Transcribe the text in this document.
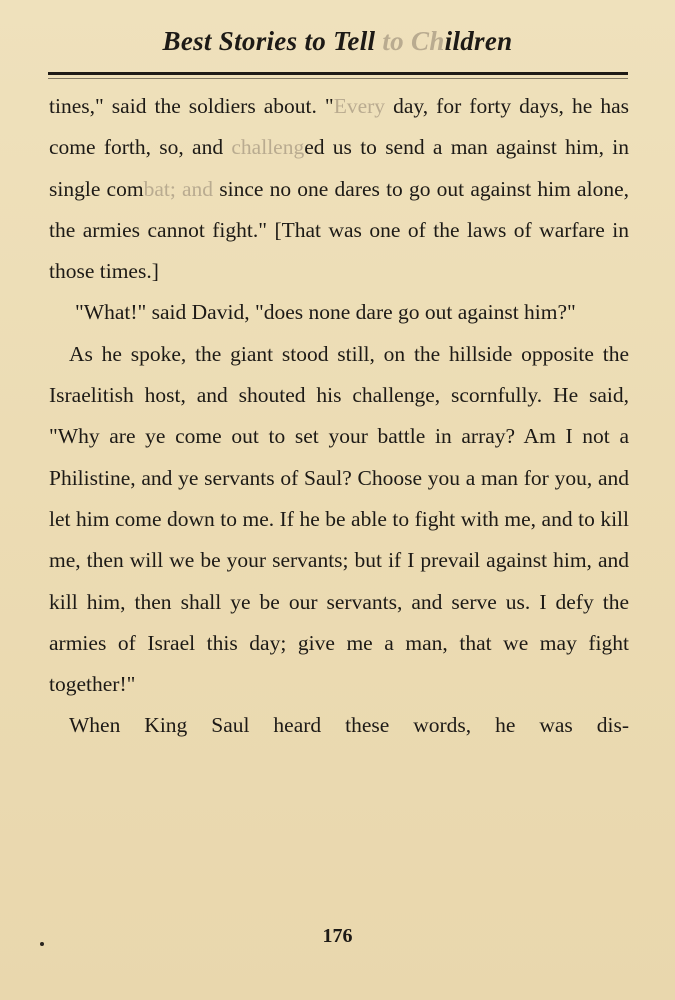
Best Stories to Tell to Children

tines," said the soldiers about. "Every day, for forty days, he has come forth, so, and challenged us to send a man against him, in single combat; and since no one dares to go out against him alone, the armies cannot fight." [That was one of the laws of warfare in those times.]

"What!" said David, "does none dare go out against him?"

As he spoke, the giant stood still, on the hillside opposite the Israelitish host, and shouted his challenge, scornfully. He said, "Why are ye come out to set your battle in array? Am I not a Philistine, and ye servants of Saul? Choose you a man for you, and let him come down to me. If he be able to fight with me, and to kill me, then will we be your servants; but if I prevail against him, and kill him, then shall ye be our servants, and serve us. I defy the armies of Israel this day; give me a man, that we may fight together!"

When King Saul heard these words, he was dis-

176
